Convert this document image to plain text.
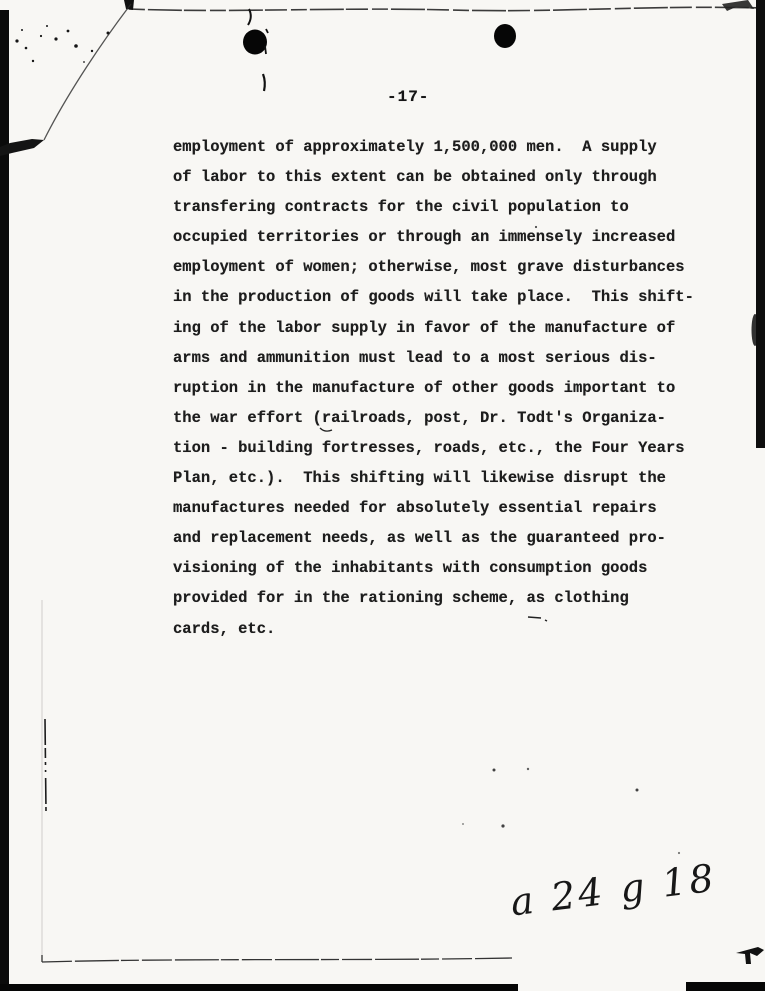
-17-
employment of approximately 1,500,000 men.  A supply
of labor to this extent can be obtained only through
transfering contracts for the civil population to
occupied territories or through an immensely increased
employment of women; otherwise, most grave disturbances
in the production of goods will take place.  This shift-
ing of the labor supply in favor of the manufacture of
arms and ammunition must lead to a most serious dis-
ruption in the manufacture of other goods important to
the war effort (railroads, post, Dr. Todt's Organiza-
tion - building fortresses, roads, etc., the Four Years
Plan, etc.).  This shifting will likewise disrupt the
manufactures needed for absolutely essential repairs
and replacement needs, as well as the guaranteed pro-
visioning of the inhabitants with consumption goods
provided for in the rationing scheme, as clothing
cards, etc.
a 24 g 18
